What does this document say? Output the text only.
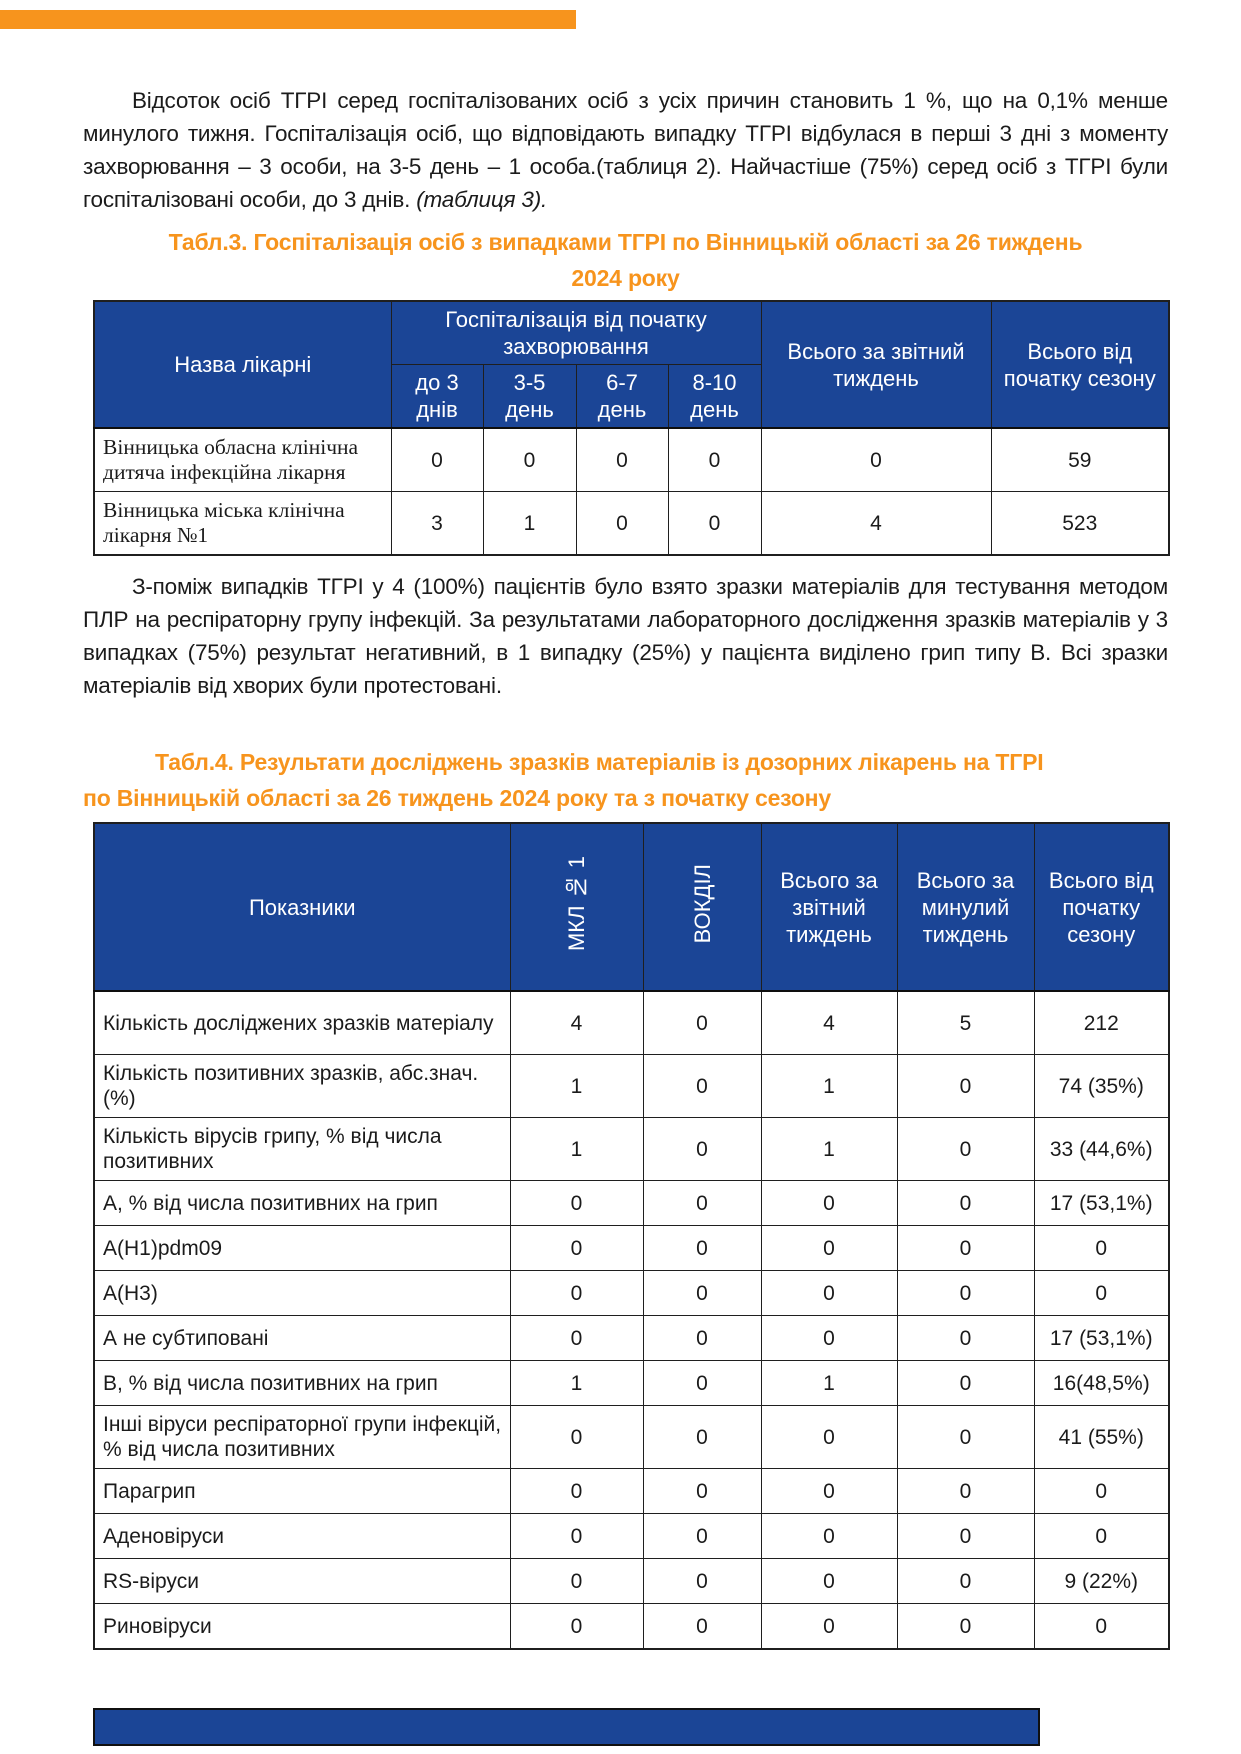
Відсоток осіб ТГРІ серед госпіталізованих осіб з усіх причин становить 1 %, що на 0,1% менше минулого тижня. Госпіталізація осіб, що відповідають випадку ТГРІ відбулася в перші 3 дні з моменту захворювання – 3 особи, на 3-5 день – 1 особа.(таблиця 2). Найчастіше (75%) серед осіб з ТГРІ були госпіталізовані особи, до 3 днів. (таблиця 3).

Табл.3. Госпіталізація осіб з випадками ТГРІ по Вінницькій області за 26 тиждень
2024 року
Назва лікарні	Госпіталізація від початку захворювання				Всього за звітний тиждень	Всього від початку сезону
	до 3 днів	3-5 день	6-7 день	8-10 день		
Вінницька обласна клінічна дитяча інфекційна лікарня	0	0	0	0	0	59
Вінницька міська клінічна лікарня №1	3	1	0	0	4	523

З-поміж випадків ТГРІ у 4 (100%) пацієнтів було взято зразки матеріалів для тестування методом ПЛР на респіраторну групу інфекцій. За результатами лабораторного дослідження зразків матеріалів у 3 випадках (75%) результат негативний, в 1 випадку (25%) у пацієнта виділено грип типу В. Всі зразки матеріалів від хворих були протестовані.

Табл.4. Результати досліджень зразків матеріалів із дозорних лікарень на ТГРІ
по Вінницькій області за 26 тиждень 2024 року та з початку сезону
Показники	МКЛ № 1	ВОКДІЛ	Всього за звітний тиждень	Всього за минулий тиждень	Всього від початку сезону
Кількість досліджених зразків матеріалу	4	0	4	5	212
Кількість позитивних зразків, абс.знач. (%)	1	0	1	0	74 (35%)
Кількість вірусів грипу, % від числа позитивних	1	0	1	0	33 (44,6%)
А, % від числа позитивних на грип	0	0	0	0	17 (53,1%)
A(H1)pdm09	0	0	0	0	0
A(H3)	0	0	0	0	0
А не субтиповані	0	0	0	0	17 (53,1%)
В, % від числа позитивних на грип	1	0	1	0	16(48,5%)
Інші віруси респіраторної групи інфекцій, % від числа позитивних	0	0	0	0	41 (55%)
Парагрип	0	0	0	0	0
Аденовіруси	0	0	0	0	0
RS-віруси	0	0	0	0	9 (22%)
Риновіруси	0	0	0	0	0
